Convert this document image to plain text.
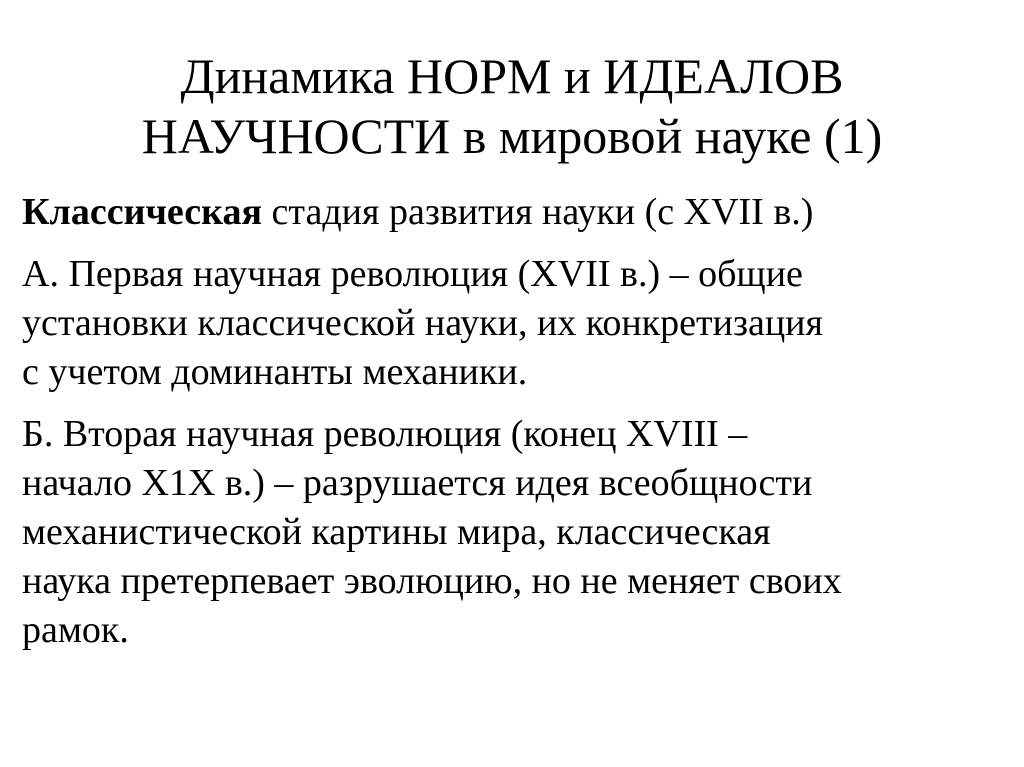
Динамика НОРМ и ИДЕАЛОВ
НАУЧНОСТИ в мировой науке (1)
Классическая стадия развития науки (с XVII в.)
А. Первая научная революция (XVII в.) – общие
установки классической науки, их конкретизация
с учетом доминанты механики.
Б. Вторая научная революция (конец XVIII –
начало Х1Х в.) – разрушается идея всеобщности
механистической картины мира, классическая
наука претерпевает эволюцию, но не меняет своих
рамок.
